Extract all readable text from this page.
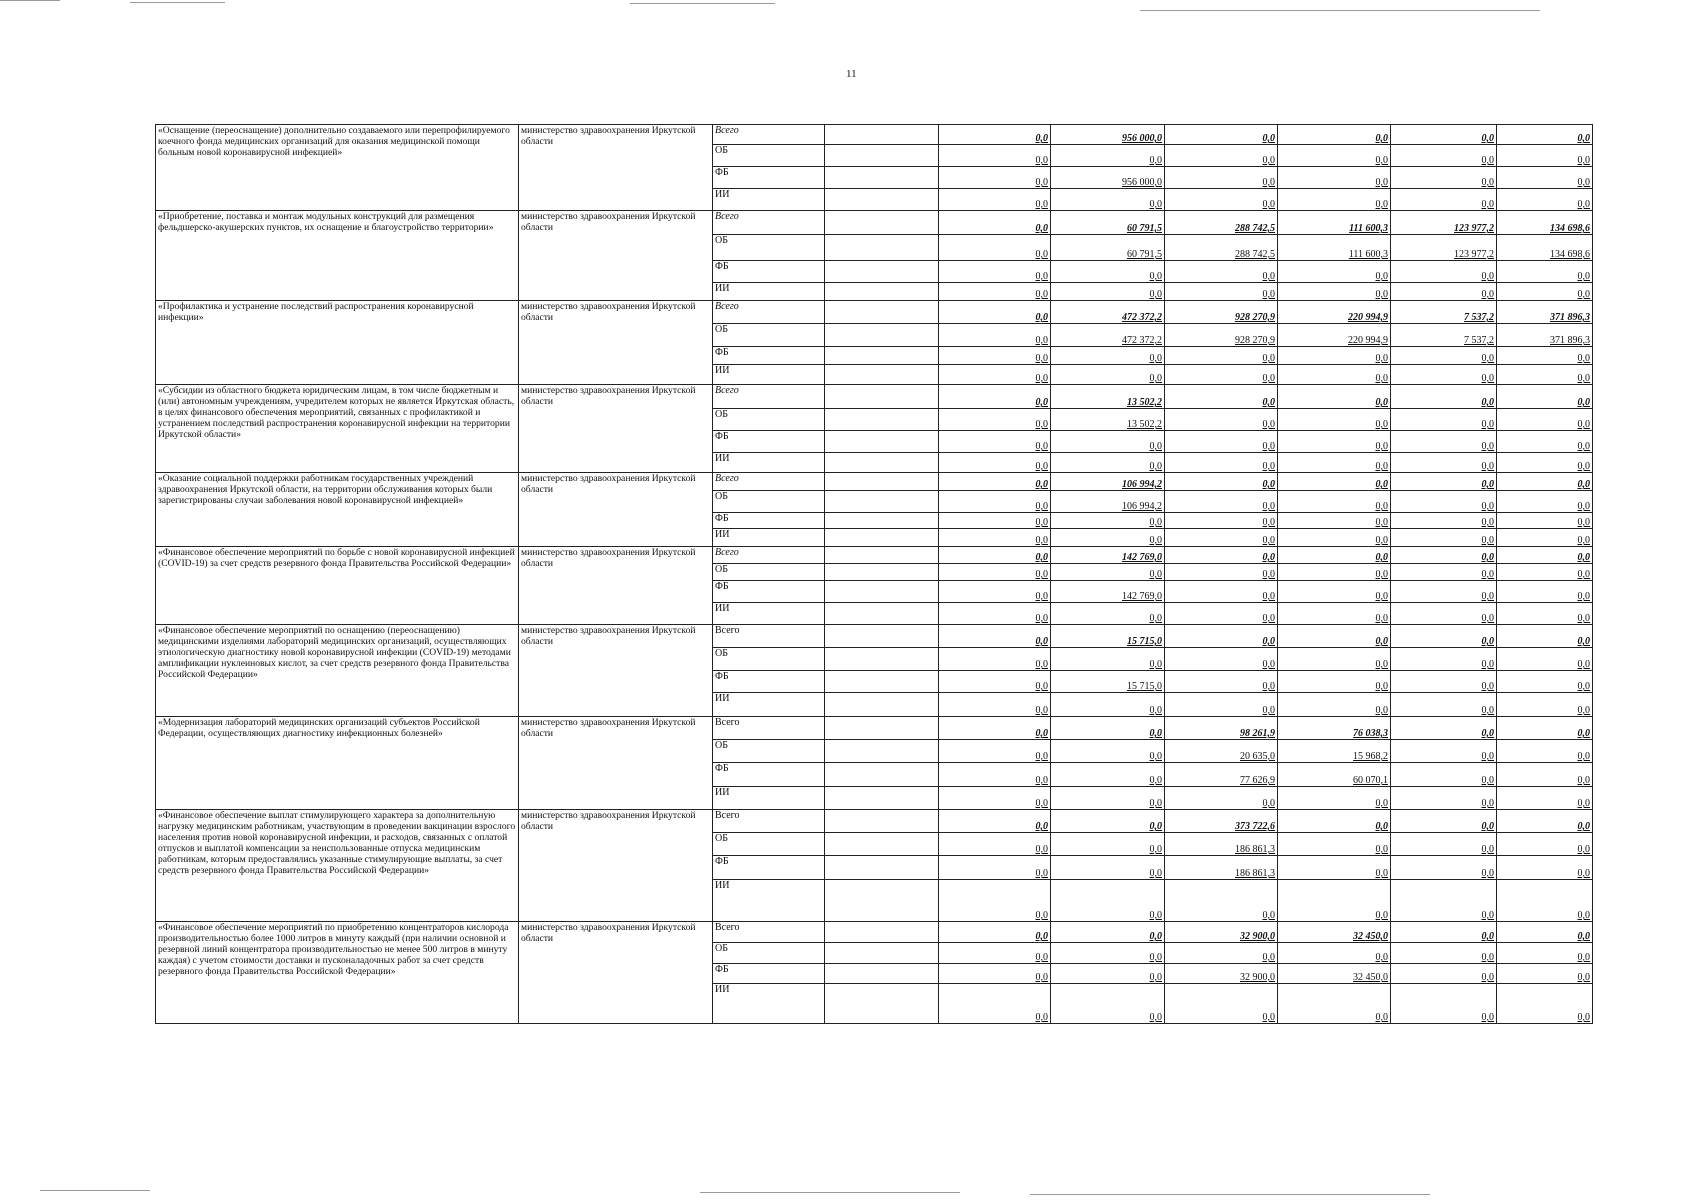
11
«Оснащение (переоснащение) дополнительно создаваемого или перепрофилируемого коечного фонда медицинских организаций для оказания медицинской помощи больным новой коронавирусной инфекцией»	министерство здравоохранения Иркутской области	Всего		0,0	956 000,0	0,0	0,0	0,0	0,0	
		ОБ		0,0	0,0	0,0	0,0	0,0	0,0	
		ФБ		0,0	956 000,0	0,0	0,0	0,0	0,0	
		ИИ		0,0	0,0	0,0	0,0	0,0	0,0	
«Приобретение, поставка и монтаж модульных конструкций для размещения фельдшерско-акушерских пунктов, их оснащение и благоустройство территории»	министерство здравоохранения Иркутской области	Всего		0,0	60 791,5	288 742,5	111 600,3	123 977,2	134 698,6	
		ОБ		0,0	60 791,5	288 742,5	111 600,3	123 977,2	134 698,6	
		ФБ		0,0	0,0	0,0	0,0	0,0	0,0	
		ИИ		0,0	0,0	0,0	0,0	0,0	0,0	
«Профилактика и устранение последствий распространения коронавирусной инфекции»	министерство здравоохранения Иркутской области	Всего		0,0	472 372,2	928 270,9	220 994,9	7 537,2	371 896,3	
		ОБ		0,0	472 372,2	928 270,9	220 994,9	7 537,2	371 896,3	
		ФБ		0,0	0,0	0,0	0,0	0,0	0,0	
		ИИ		0,0	0,0	0,0	0,0	0,0	0,0	
«Субсидии из областного бюджета юридическим лицам, в том числе бюджетным и (или) автономным учреждениям, учредителем которых не является Иркутская область, в целях финансового обеспечения мероприятий, связанных с профилактикой и устранением последствий распространения коронавирусной инфекции на территории Иркутской области»	министерство здравоохранения Иркутской области	Всего		0,0	13 502,2	0,0	0,0	0,0	0,0	
		ОБ		0,0	13 502,2	0,0	0,0	0,0	0,0	
		ФБ		0,0	0,0	0,0	0,0	0,0	0,0	
		ИИ		0,0	0,0	0,0	0,0	0,0	0,0	
«Оказание социальной поддержки работникам государственных учреждений здравоохранения Иркутской области, на территории обслуживания которых были зарегистрированы случаи заболевания новой коронавирусной инфекцией»	министерство здравоохранения Иркутской области	Всего		0,0	106 994,2	0,0	0,0	0,0	0,0	
		ОБ		0,0	106 994,2	0,0	0,0	0,0	0,0	
		ФБ		0,0	0,0	0,0	0,0	0,0	0,0	
		ИИ		0,0	0,0	0,0	0,0	0,0	0,0	
«Финансовое обеспечение мероприятий по борьбе с новой коронавирусной инфекцией (COVID-19) за счет средств резервного фонда Правительства Российской Федерации»	министерство здравоохранения Иркутской области	Всего		0,0	142 769,0	0,0	0,0	0,0	0,0	
		ОБ		0,0	0,0	0,0	0,0	0,0	0,0	
		ФБ		0,0	142 769,0	0,0	0,0	0,0	0,0	
		ИИ		0,0	0,0	0,0	0,0	0,0	0,0	
«Финансовое обеспечение мероприятий по оснащению (переоснащению) медицинскими изделиями лабораторий медицинских организаций, осуществляющих этиологическую диагностику новой коронавирусной инфекции (COVID-19) методами амплификации нуклеиновых кислот, за счет средств резервного фонда Правительства Российской Федерации»	министерство здравоохранения Иркутской области	Всего		0,0	15 715,0	0,0	0,0	0,0	0,0	
		ОБ		0,0	0,0	0,0	0,0	0,0	0,0	
		ФБ		0,0	15 715,0	0,0	0,0	0,0	0,0	
		ИИ		0,0	0,0	0,0	0,0	0,0	0,0	
«Модернизация лабораторий медицинских организаций субъектов Российской Федерации, осуществляющих диагностику инфекционных болезней»	министерство здравоохранения Иркутской области	Всего		0,0	0,0	98 261,9	76 038,3	0,0	0,0	
		ОБ		0,0	0,0	20 635,0	15 968,2	0,0	0,0	
		ФБ		0,0	0,0	77 626,9	60 070,1	0,0	0,0	
		ИИ		0,0	0,0	0,0	0,0	0,0	0,0	
«Финансовое обеспечение выплат стимулирующего характера за дополнительную нагрузку медицинским работникам, участвующим в проведении вакцинации взрослого населения против новой коронавирусной инфекции, и расходов, связанных с оплатой отпусков и выплатой компенсации за неиспользованные отпуска медицинским работникам, которым предоставлялись указанные стимулирующие выплаты, за счет средств резервного фонда Правительства Российской Федерации»	министерство здравоохранения Иркутской области	Всего		0,0	0,0	373 722,6	0,0	0,0	0,0	
		ОБ		0,0	0,0	186 861,3	0,0	0,0	0,0	
		ФБ		0,0	0,0	186 861,3	0,0	0,0	0,0	
		ИИ		0,0	0,0	0,0	0,0	0,0	0,0	
«Финансовое обеспечение мероприятий по приобретению концентраторов кислорода производительностью более 1000 литров в минуту каждый (при наличии основной и резервной линий концентратора производительностью не менее 500 литров в минуту каждая) с учетом стоимости доставки и пусконаладочных работ за счет средств резервного фонда Правительства Российской Федерации»	министерство здравоохранения Иркутской области	Всего		0,0	0,0	32 900,0	32 450,0	0,0	0,0	
		ОБ		0,0	0,0	0,0	0,0	0,0	0,0	
		ФБ		0,0	0,0	32 900,0	32 450,0	0,0	0,0	
		ИИ		0,0	0,0	0,0	0,0	0,0	0,0	
